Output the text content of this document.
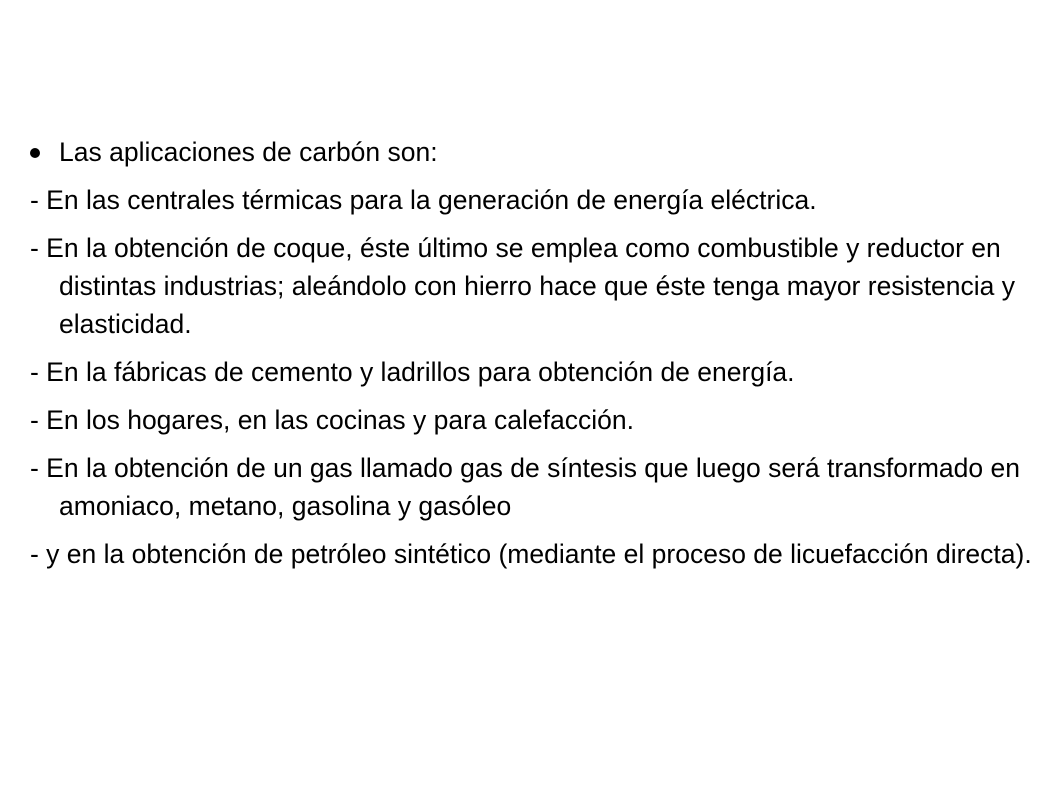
Las aplicaciones de carbón son:
- En las centrales térmicas para la generación de energía eléctrica.
- En la obtención de coque, éste último se emplea como combustible y reductor en distintas industrias; aleándolo con hierro hace que éste tenga mayor resistencia y elasticidad.
- En la fábricas de cemento y ladrillos para obtención de energía.
- En los hogares, en las cocinas y para calefacción.
- En la obtención de un gas llamado gas de síntesis que luego será transformado en amoniaco, metano, gasolina y gasóleo
- y en la obtención de petróleo sintético (mediante el proceso de licuefacción directa).
